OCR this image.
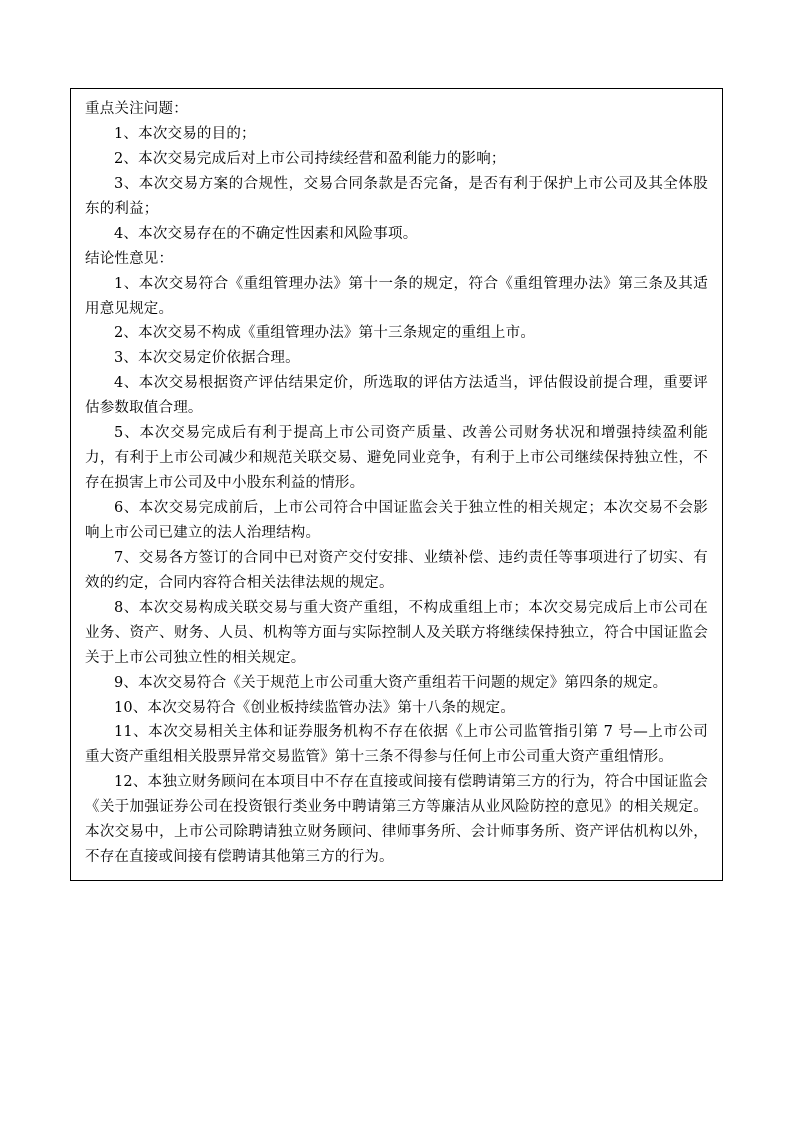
重点关注问题：

1、本次交易的目的；

2、本次交易完成后对上市公司持续经营和盈利能力的影响；

3、本次交易方案的合规性，交易合同条款是否完备，是否有利于保护上市公司及其全体股东的利益；

4、本次交易存在的不确定性因素和风险事项。

结论性意见：

1、本次交易符合《重组管理办法》第十一条的规定，符合《重组管理办法》第三条及其适用意见规定。

2、本次交易不构成《重组管理办法》第十三条规定的重组上市。

3、本次交易定价依据合理。

4、本次交易根据资产评估结果定价，所选取的评估方法适当，评估假设前提合理，重要评估参数取值合理。

5、本次交易完成后有利于提高上市公司资产质量、改善公司财务状况和增强持续盈利能力，有利于上市公司减少和规范关联交易、避免同业竞争，有利于上市公司继续保持独立性，不存在损害上市公司及中小股东利益的情形。

6、本次交易完成前后，上市公司符合中国证监会关于独立性的相关规定；本次交易不会影响上市公司已建立的法人治理结构。

7、交易各方签订的合同中已对资产交付安排、业绩补偿、违约责任等事项进行了切实、有效的约定，合同内容符合相关法律法规的规定。

8、本次交易构成关联交易与重大资产重组，不构成重组上市；本次交易完成后上市公司在业务、资产、财务、人员、机构等方面与实际控制人及关联方将继续保持独立，符合中国证监会关于上市公司独立性的相关规定。

9、本次交易符合《关于规范上市公司重大资产重组若干问题的规定》第四条的规定。

10、本次交易符合《创业板持续监管办法》第十八条的规定。

11、本次交易相关主体和证券服务机构不存在依据《上市公司监管指引第 7 号—上市公司重大资产重组相关股票异常交易监管》第十三条不得参与任何上市公司重大资产重组情形。

12、本独立财务顾问在本项目中不存在直接或间接有偿聘请第三方的行为，符合中国证监会《关于加强证券公司在投资银行类业务中聘请第三方等廉洁从业风险防控的意见》的相关规定。本次交易中，上市公司除聘请独立财务顾问、律师事务所、会计师事务所、资产评估机构以外，不存在直接或间接有偿聘请其他第三方的行为。
